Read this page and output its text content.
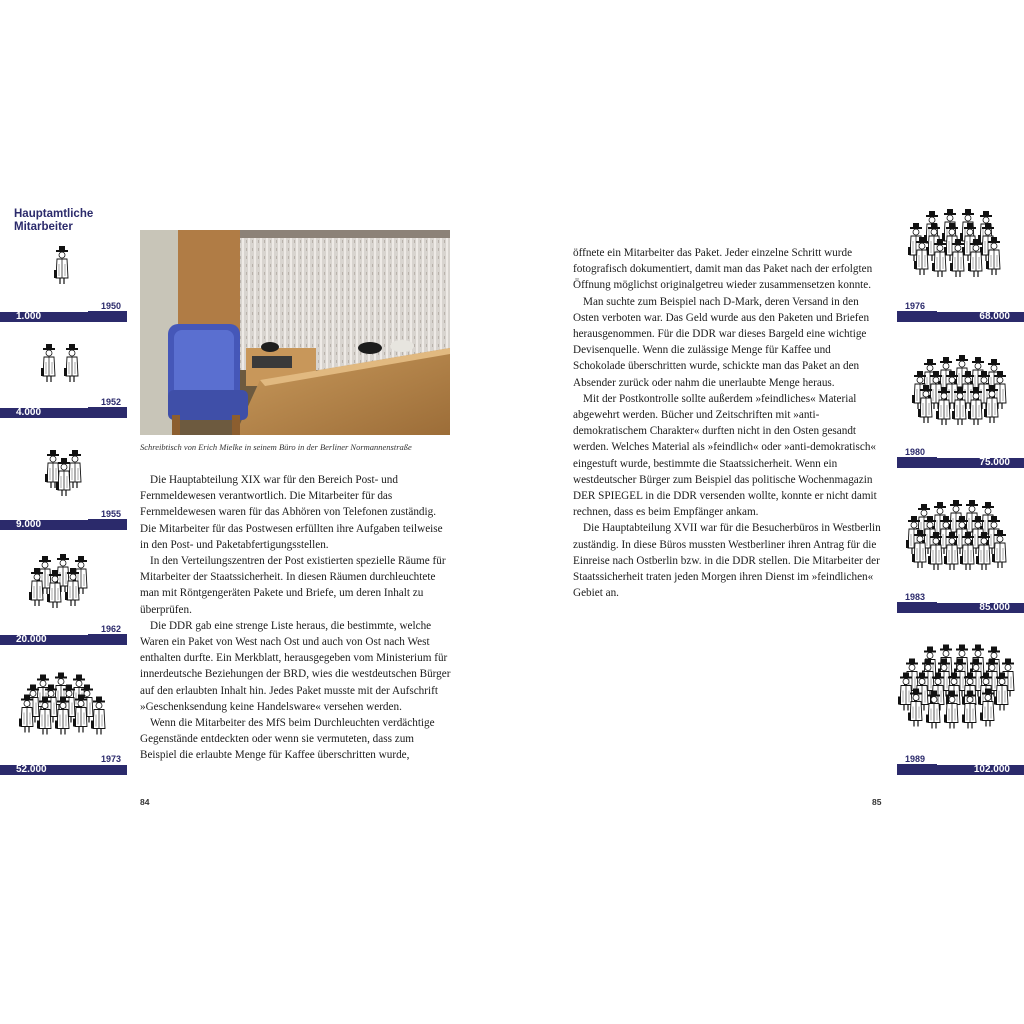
Hauptamtliche Mitarbeiter
1950
1.000
1952
4.000
1955
9.000
1962
20.000
1973
52.000
Schreibtisch von Erich Mielke in seinem Büro in der Berliner Normannenstraße

Die Hauptabteilung XIX war für den Bereich Post- und Fernmeldewesen verantwortlich. Die Mitarbeiter für das Fernmeldewesen waren für das Abhören von Telefonen zuständig. Die Mitarbeiter für das Postwesen erfüllten ihre Aufgaben teilweise in den Post- und Paketabfertigungsstellen.

In den Verteilungszentren der Post existierten spezielle Räume für Mitarbeiter der Staatssicherheit. In diesen Räumen durchleuchtete man mit Röntgengeräten Pakete und Briefe, um deren Inhalt zu überprüfen.

Die DDR gab eine strenge Liste heraus, die bestimmte, welche Waren ein Paket von West nach Ost und auch von Ost nach West enthalten durfte. Ein Merkblatt, herausgegeben vom Ministerium für innerdeutsche Beziehungen der BRD, wies die westdeutschen Bürger auf den erlaubten Inhalt hin. Jedes Paket musste mit der Aufschrift »Geschenksendung keine Handelsware« versehen werden.

Wenn die Mitarbeiter des MfS beim Durchleuchten verdächtige Gegenstände entdeckten oder wenn sie vermuteten, dass zum Beispiel die erlaubte Menge für Kaffee überschritten wurde,

84

öffnete ein Mitarbeiter das Paket. Jeder einzelne Schritt wurde fotografisch dokumentiert, damit man das Paket nach der erfolgten Öffnung möglichst originalgetreu wieder zusammensetzen konnte.

Man suchte zum Beispiel nach D-Mark, deren Versand in den Osten verboten war. Das Geld wurde aus den Paketen und Briefen herausgenommen. Für die DDR war dieses Bargeld eine wichtige Devisenquelle. Wenn die zulässige Menge für Kaffee und Schokolade überschritten wurde, schickte man das Paket an den Absender zurück oder nahm die unerlaubte Menge heraus.

Mit der Postkontrolle sollte außerdem »feindliches« Material abgewehrt werden. Bücher und Zeitschriften mit »anti-demokratischem Charakter« durften nicht in den Osten gesandt werden. Welches Material als »feindlich« oder »anti-demokratisch« eingestuft wurde, bestimmte die Staatssicherheit. Wenn ein westdeutscher Bürger zum Beispiel das politische Wochenmagazin DER SPIEGEL in die DDR versenden wollte, konnte er nicht damit rechnen, dass es beim Empfänger ankam.

Die Hauptabteilung XVII war für die Besucherbüros in Westberlin zuständig. In diese Büros mussten Westberliner ihren Antrag für die Einreise nach Ostberlin bzw. in die DDR stellen. Die Mitarbeiter der Staatssicherheit traten jeden Morgen ihren Dienst im »feindlichen« Gebiet an.

1976
68.000
1980
75.000
1983
85.000
1989
102.000
85
